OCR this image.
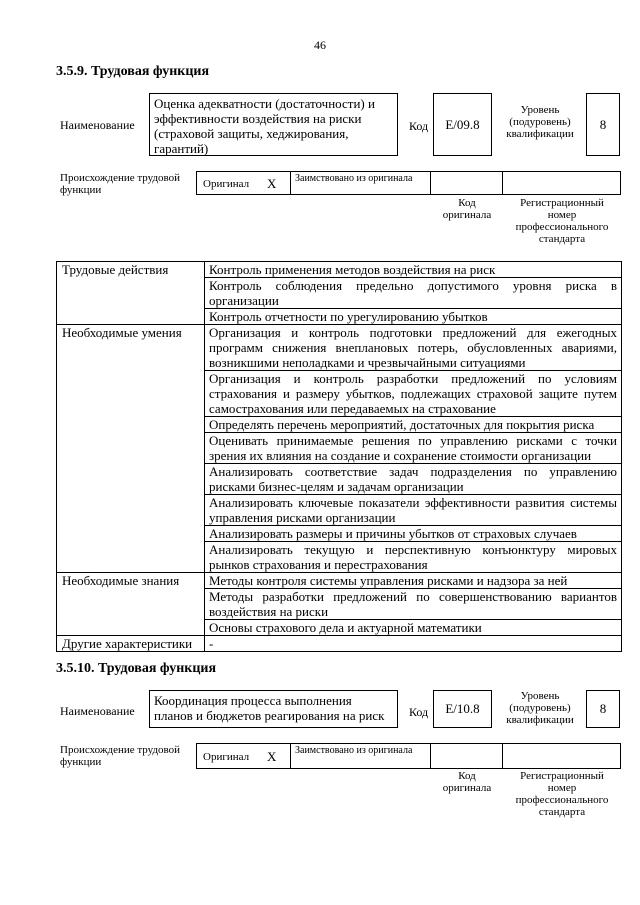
46
3.5.9. Трудовая функция
Наименование
Оценка адекватности (достаточности) и эффективности воздействия на риски (страховой защиты, хеджирования, гарантий)
Код E/09.8
Уровень (подуровень) квалификации
8
Происхождение трудовой функции	Оригинал X	Заимствовано из оригинала
Код оригинала
Регистрационный номер профессионального стандарта
Трудовые действия	Контроль применения методов воздействия на риск
	Контроль соблюдения предельно допустимого уровня риска в организации
	Контроль отчетности по урегулированию убытков
Необходимые умения	Организация и контроль подготовки предложений для ежегодных программ снижения внеплановых потерь, обусловленных авариями, возникшими неполадками и чрезвычайными ситуациями
	Организация и контроль разработки предложений по условиям страхования и размеру убытков, подлежащих страховой защите путем самострахования или передаваемых на страхование
	Определять перечень мероприятий, достаточных для покрытия риска
	Оценивать принимаемые решения по управлению рисками с точки зрения их влияния на создание и сохранение стоимости организации
	Анализировать соответствие задач подразделения по управлению рисками бизнес-целям и задачам организации
	Анализировать ключевые показатели эффективности развития системы управления рисками организации
	Анализировать размеры и причины убытков от страховых случаев
	Анализировать текущую и перспективную конъюнктуру мировых рынков страхования и перестрахования
Необходимые знания	Методы контроля системы управления рисками и надзора за ней
	Методы разработки предложений по совершенствованию вариантов воздействия на риски
	Основы страхового дела и актуарной математики
Другие характеристики	-
3.5.10. Трудовая функция
Наименование
Координация процесса выполнения планов и бюджетов реагирования на риск	Код E/10.8
Уровень (подуровень) квалификации
8
Происхождение трудовой функции	Оригинал X	Заимствовано из оригинала
Код оригинала
Регистрационный номер профессионального стандарта
